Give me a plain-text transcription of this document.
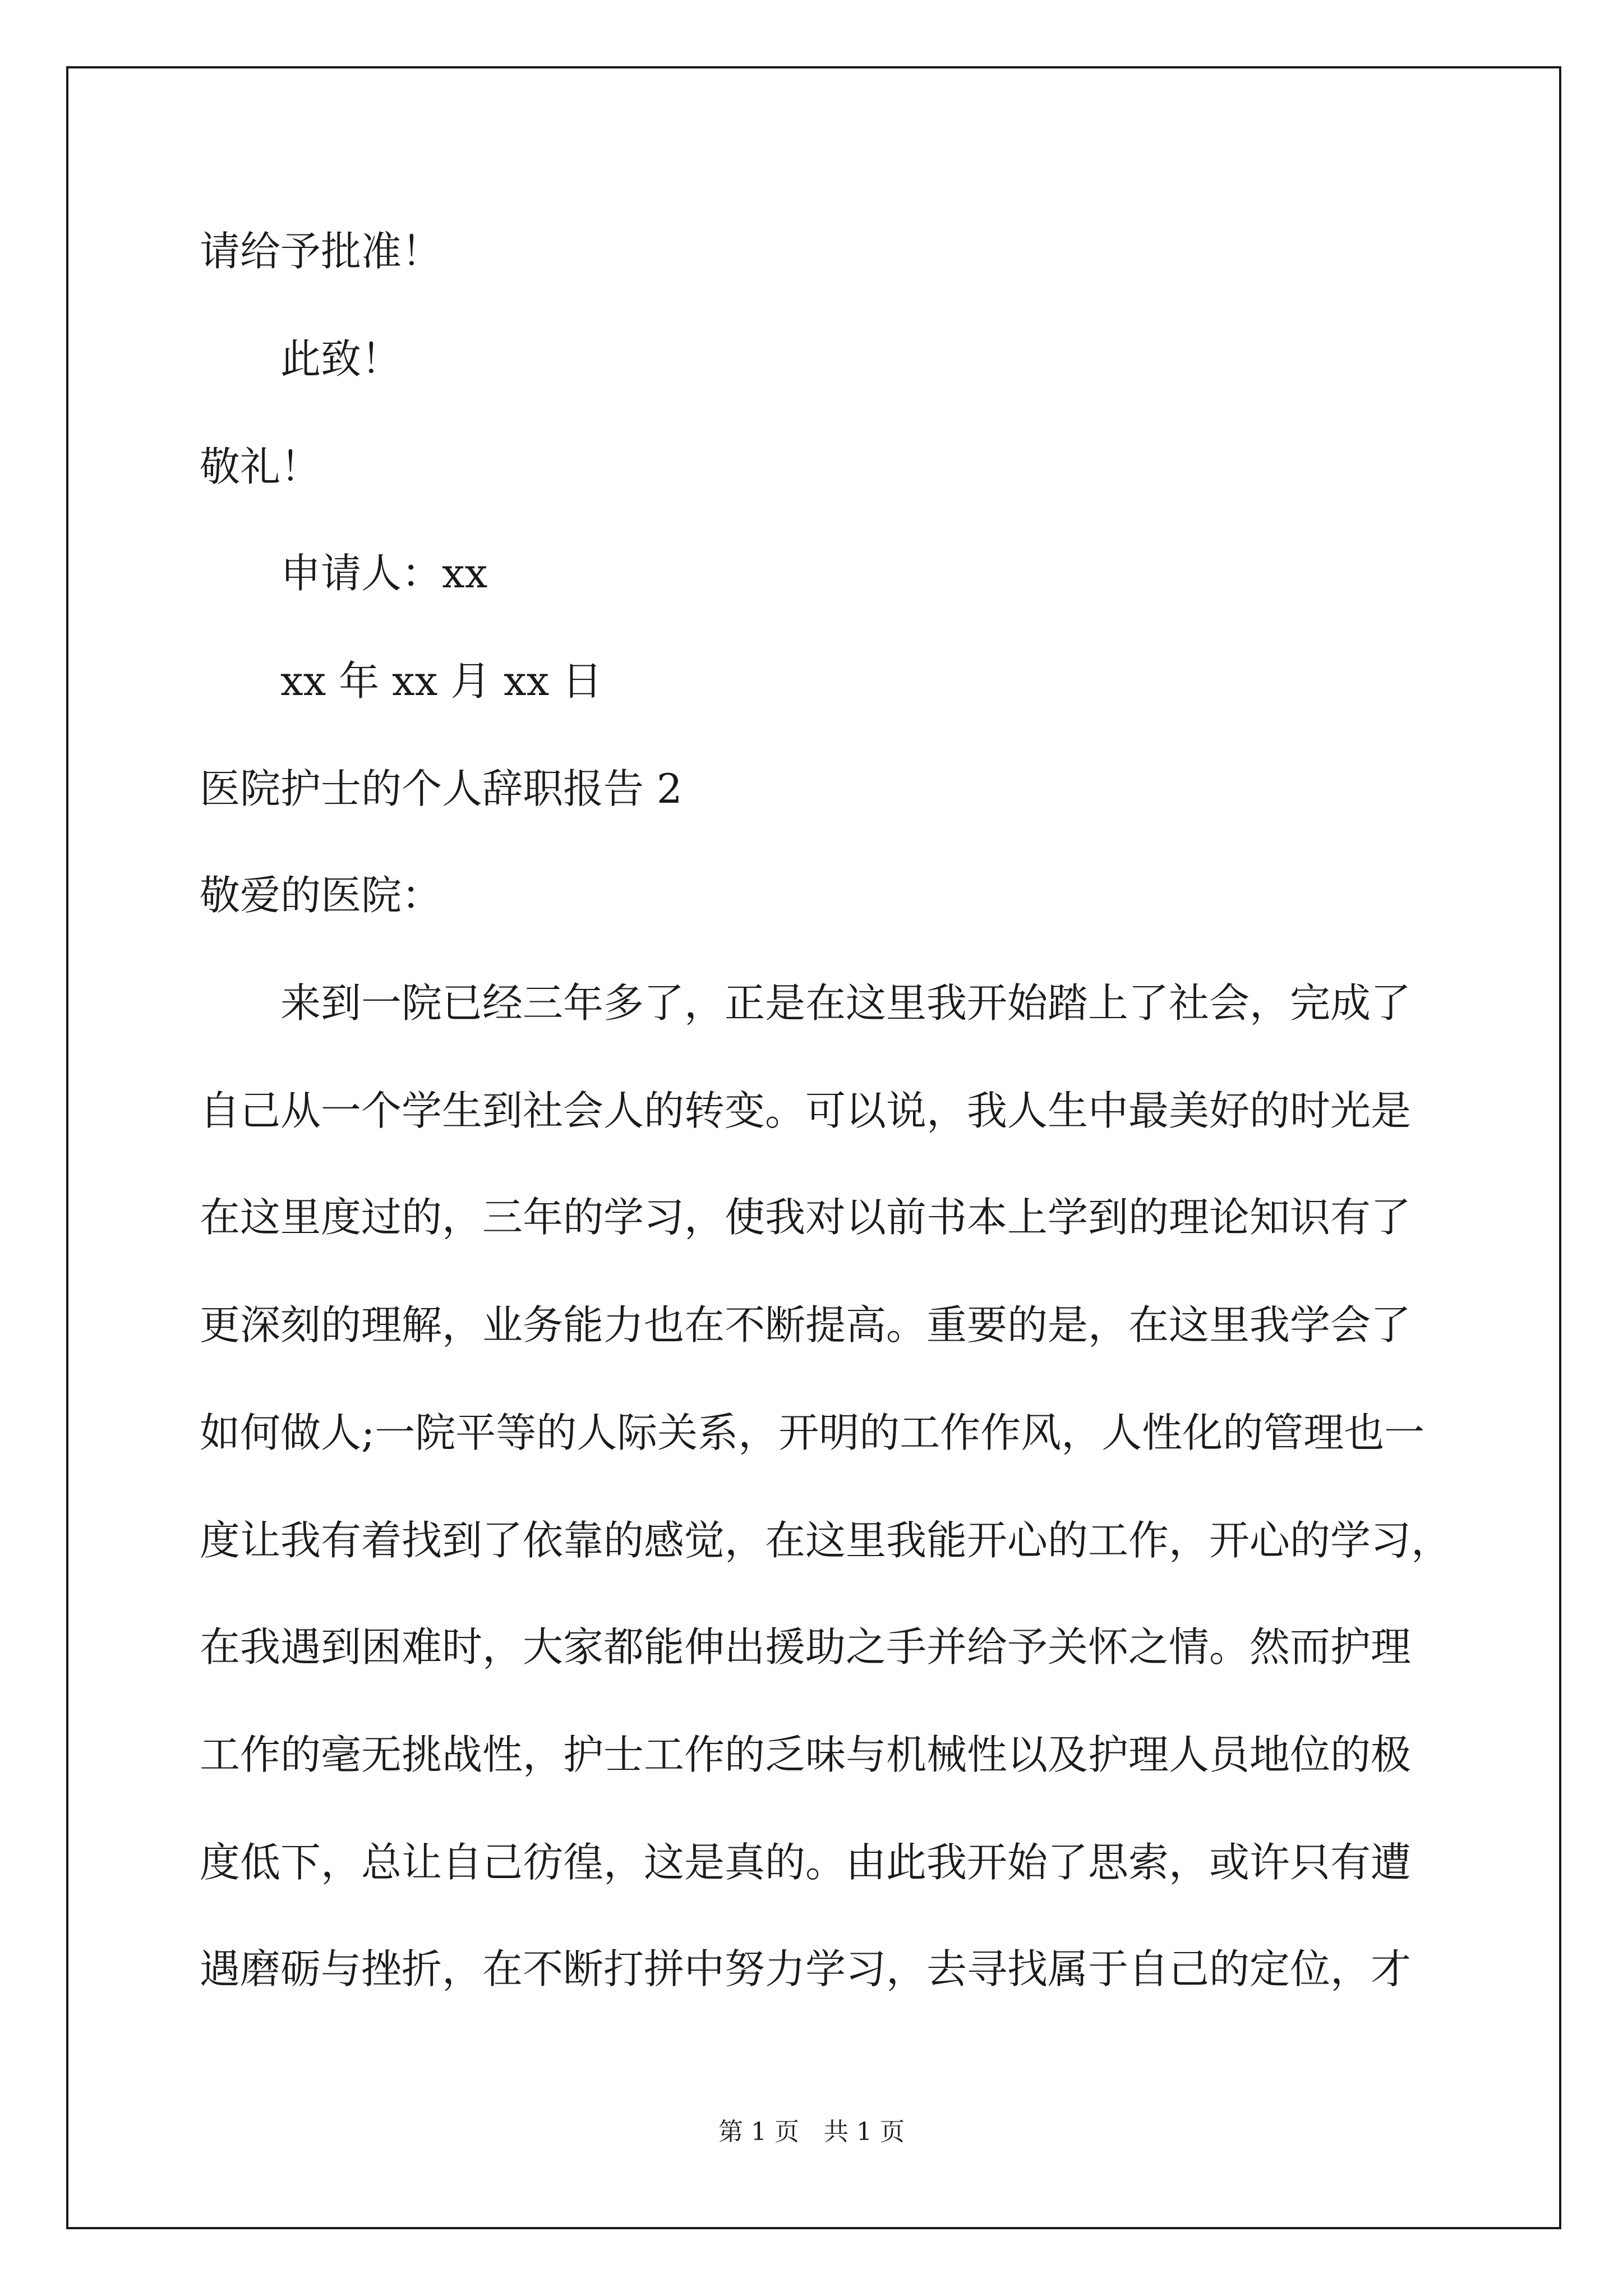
请给予批准！
此致！
敬礼！
申请人：xx
xx 年 xx 月 xx 日
医院护士的个人辞职报告 2
敬爱的医院：
来到一院已经三年多了，正是在这里我开始踏上了社会，完成了
自己从一个学生到社会人的转变。可以说，我人生中最美好的时光是
在这里度过的，三年的学习，使我对以前书本上学到的理论知识有了
更深刻的理解，业务能力也在不断提高。重要的是，在这里我学会了
如何做人;一院平等的人际关系，开明的工作作风，人性化的管理也一
度让我有着找到了依靠的感觉，在这里我能开心的工作，开心的学习，
在我遇到困难时，大家都能伸出援助之手并给予关怀之情。然而护理
工作的毫无挑战性，护士工作的乏味与机械性以及护理人员地位的极
度低下，总让自己彷徨，这是真的。由此我开始了思索，或许只有遭
遇磨砺与挫折，在不断打拼中努力学习，去寻找属于自己的定位，才
第 1 页　共 1 页
